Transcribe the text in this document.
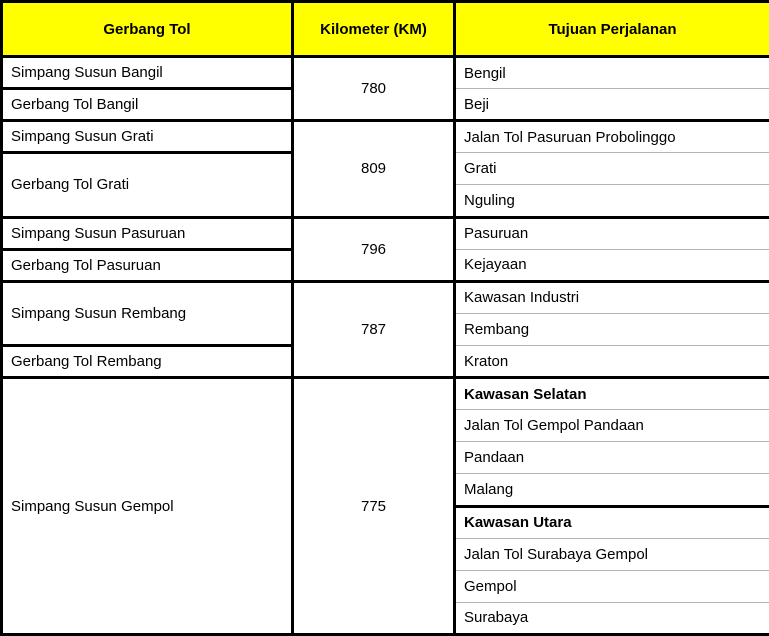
Gerbang Tol	Kilometer (KM)	Tujuan Perjalanan
Simpang Susun Bangil	780	Bengil
Gerbang Tol Bangil		Beji
Simpang Susun Grati	809	Jalan Tol Pasuruan Probolinggo
Gerbang Tol Grati		Grati
		Nguling
Simpang Susun Pasuruan	796	Pasuruan
Gerbang Tol Pasuruan		Kejayaan
Simpang Susun Rembang	787	Kawasan Industri
		Rembang
Gerbang Tol Rembang		Kraton
Simpang Susun Gempol	775	Kawasan Selatan
		Jalan Tol Gempol Pandaan
		Pandaan
		Malang
		Kawasan Utara
		Jalan Tol Surabaya Gempol
		Gempol
		Surabaya
